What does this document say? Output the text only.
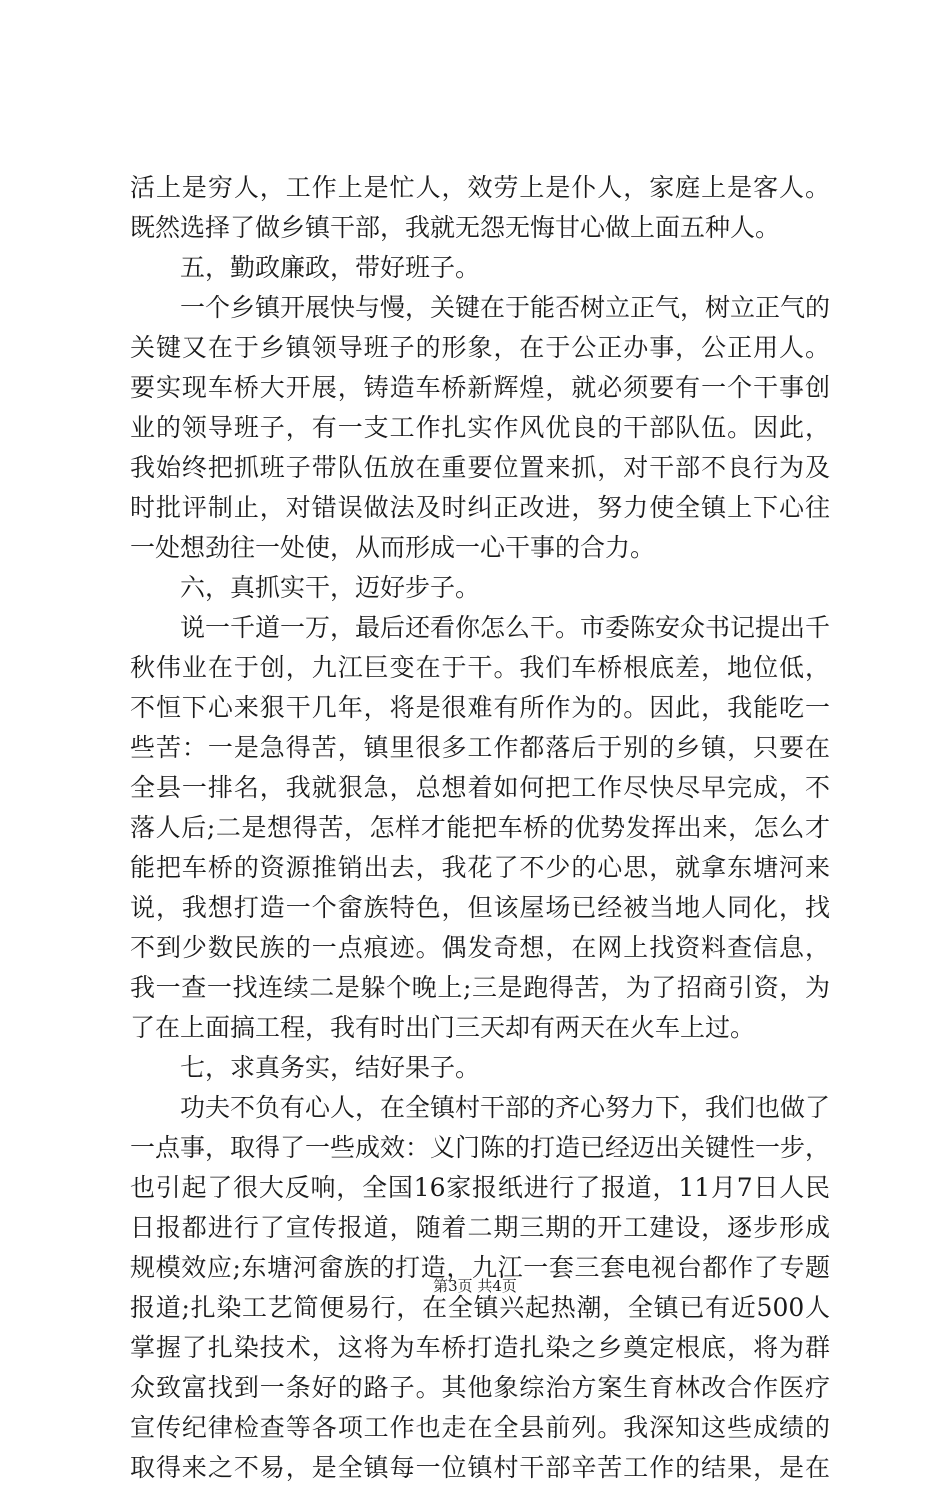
活上是穷人，工作上是忙人，效劳上是仆人，家庭上是客人。
既然选择了做乡镇干部，我就无怨无悔甘心做上面五种人。
五，勤政廉政，带好班子。
一个乡镇开展快与慢，关键在于能否树立正气，树立正气的
关键又在于乡镇领导班子的形象，在于公正办事，公正用人。
要实现车桥大开展，铸造车桥新辉煌，就必须要有一个干事创
业的领导班子，有一支工作扎实作风优良的干部队伍。因此，
我始终把抓班子带队伍放在重要位置来抓，对干部不良行为及
时批评制止，对错误做法及时纠正改进，努力使全镇上下心往
一处想劲往一处使，从而形成一心干事的合力。
六，真抓实干，迈好步子。
说一千道一万，最后还看你怎么干。市委陈安众书记提出千
秋伟业在于创，九江巨变在于干。我们车桥根底差，地位低，
不恒下心来狠干几年，将是很难有所作为的。因此，我能吃一
些苦：一是急得苦，镇里很多工作都落后于别的乡镇，只要在
全县一排名，我就狠急，总想着如何把工作尽快尽早完成，不
落人后;二是想得苦，怎样才能把车桥的优势发挥出来，怎么才
能把车桥的资源推销出去，我花了不少的心思，就拿东塘河来
说，我想打造一个畲族特色，但该屋场已经被当地人同化，找
不到少数民族的一点痕迹。偶发奇想，在网上找资料查信息，
我一查一找连续二是躲个晚上;三是跑得苦，为了招商引资，为
了在上面搞工程，我有时出门三天却有两天在火车上过。
七，求真务实，结好果子。
功夫不负有心人，在全镇村干部的齐心努力下，我们也做了
一点事，取得了一些成效：义门陈的打造已经迈出关键性一步，
也引起了很大反响，全国16家报纸进行了报道，11月7日人民
日报都进行了宣传报道，随着二期三期的开工建设，逐步形成
规模效应;东塘河畲族的打造，九江一套三套电视台都作了专题
报道;扎染工艺简便易行，在全镇兴起热潮，全镇已有近500人
掌握了扎染技术，这将为车桥打造扎染之乡奠定根底，将为群
众致富找到一条好的路子。其他象综治方案生育林改合作医疗
宣传纪律检查等各项工作也走在全县前列。我深知这些成绩的
取得来之不易，是全镇每一位镇村干部辛苦工作的结果，是在
第3页 共4页
